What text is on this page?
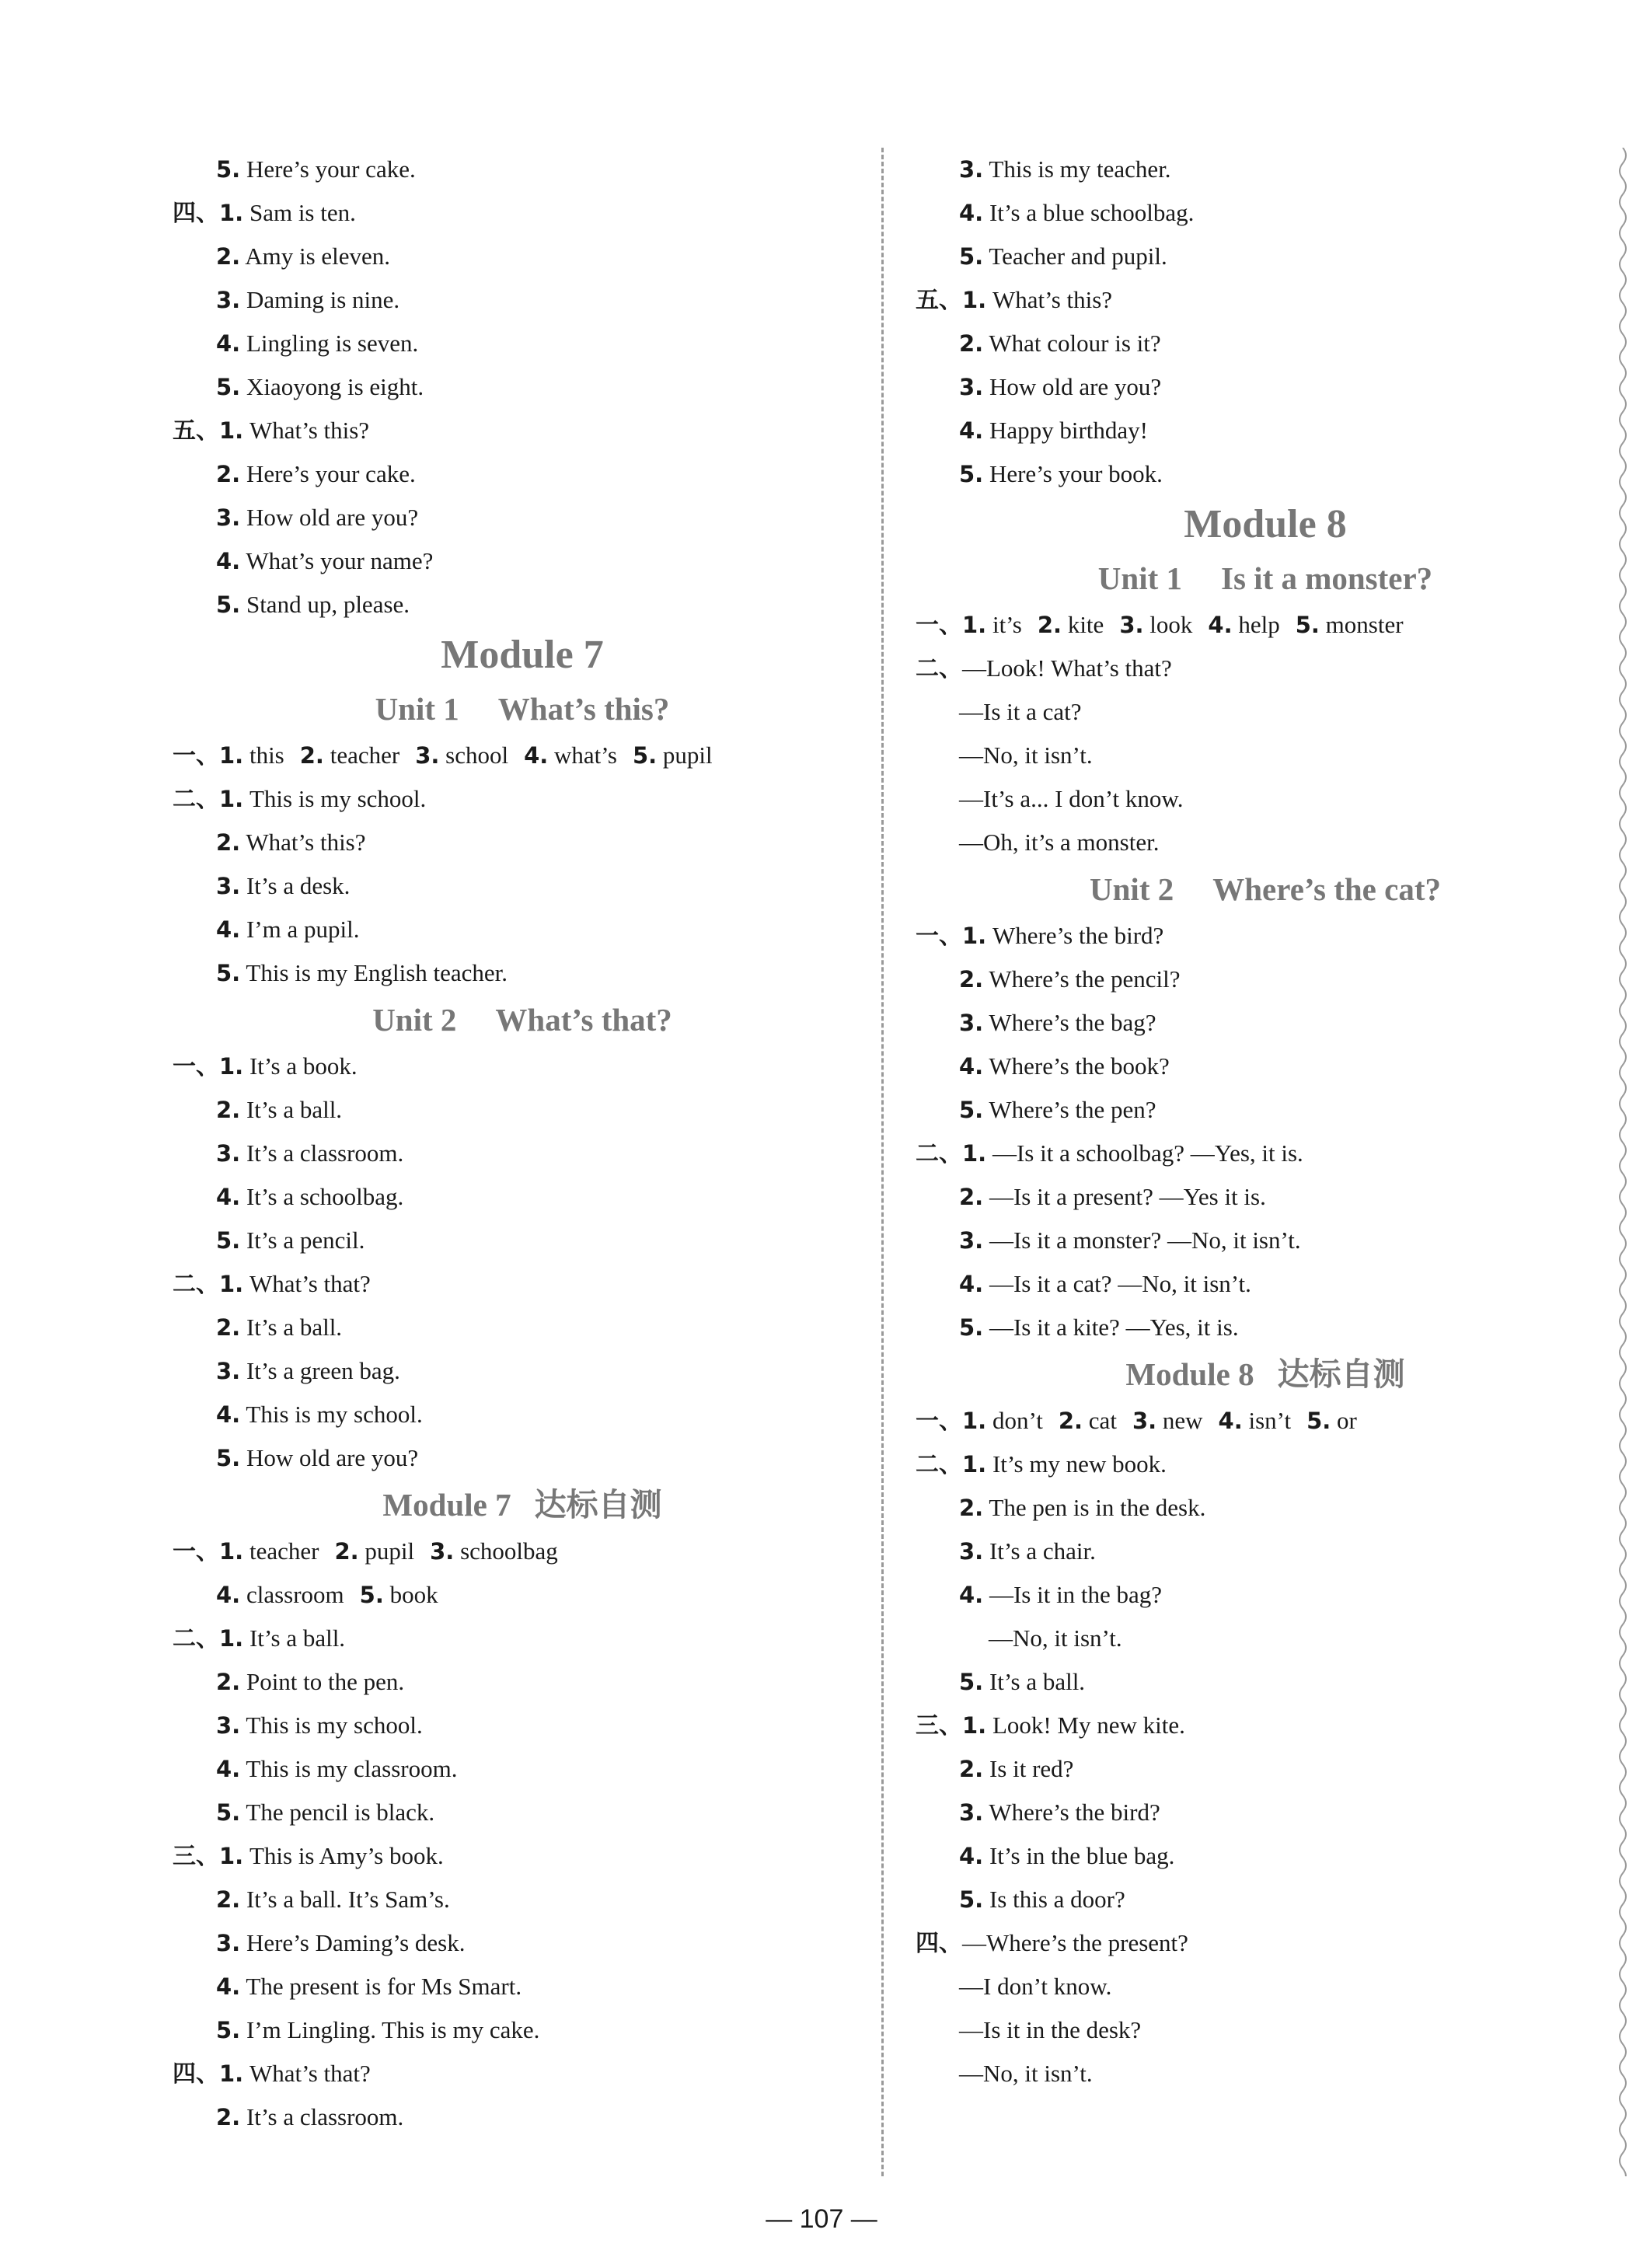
5. Here’s your cake.
四、1. Sam is ten.
2. Amy is eleven.
3. Daming is nine.
4. Lingling is seven.
5. Xiaoyong is eight.
五、1. What’s this?
2. Here’s your cake.
3. How old are you?
4. What’s your name?
5. Stand up, please.
Module 7
Unit 1 What’s this?
一、1. this 2. teacher 3. school 4. what’s 5. pupil
二、1. This is my school.
2. What’s this?
3. It’s a desk.
4. I’m a pupil.
5. This is my English teacher.
Unit 2 What’s that?
一、1. It’s a book.
2. It’s a ball.
3. It’s a classroom.
4. It’s a schoolbag.
5. It’s a pencil.
二、1. What’s that?
2. It’s a ball.
3. It’s a green bag.
4. This is my school.
5. How old are you?
Module 7 达标自测
一、1. teacher 2. pupil 3. schoolbag
4. classroom 5. book
二、1. It’s a ball.
2. Point to the pen.
3. This is my school.
4. This is my classroom.
5. The pencil is black.
三、1. This is Amy’s book.
2. It’s a ball. It’s Sam’s.
3. Here’s Daming’s desk.
4. The present is for Ms Smart.
5. I’m Lingling. This is my cake.
四、1. What’s that?
2. It’s a classroom.
3. This is my teacher.
4. It’s a blue schoolbag.
5. Teacher and pupil.
五、1. What’s this?
2. What colour is it?
3. How old are you?
4. Happy birthday!
5. Here’s your book.
Module 8
Unit 1 Is it a monster?
一、1. it’s 2. kite 3. look 4. help 5. monster
二、—Look! What’s that?
—Is it a cat?
—No, it isn’t.
—It’s a... I don’t know.
—Oh, it’s a monster.
Unit 2 Where’s the cat?
一、1. Where’s the bird?
2. Where’s the pencil?
3. Where’s the bag?
4. Where’s the book?
5. Where’s the pen?
二、1. —Is it a schoolbag? —Yes, it is.
2. —Is it a present? —Yes it is.
3. —Is it a monster? —No, it isn’t.
4. —Is it a cat? —No, it isn’t.
5. —Is it a kite? —Yes, it is.
Module 8 达标自测
一、1. don’t 2. cat 3. new 4. isn’t 5. or
二、1. It’s my new book.
2. The pen is in the desk.
3. It’s a chair.
4. —Is it in the bag?
—No, it isn’t.
5. It’s a ball.
三、1. Look! My new kite.
2. Is it red?
3. Where’s the bird?
4. It’s in the blue bag.
5. Is this a door?
四、—Where’s the present?
—I don’t know.
—Is it in the desk?
—No, it isn’t.
— 107 —
